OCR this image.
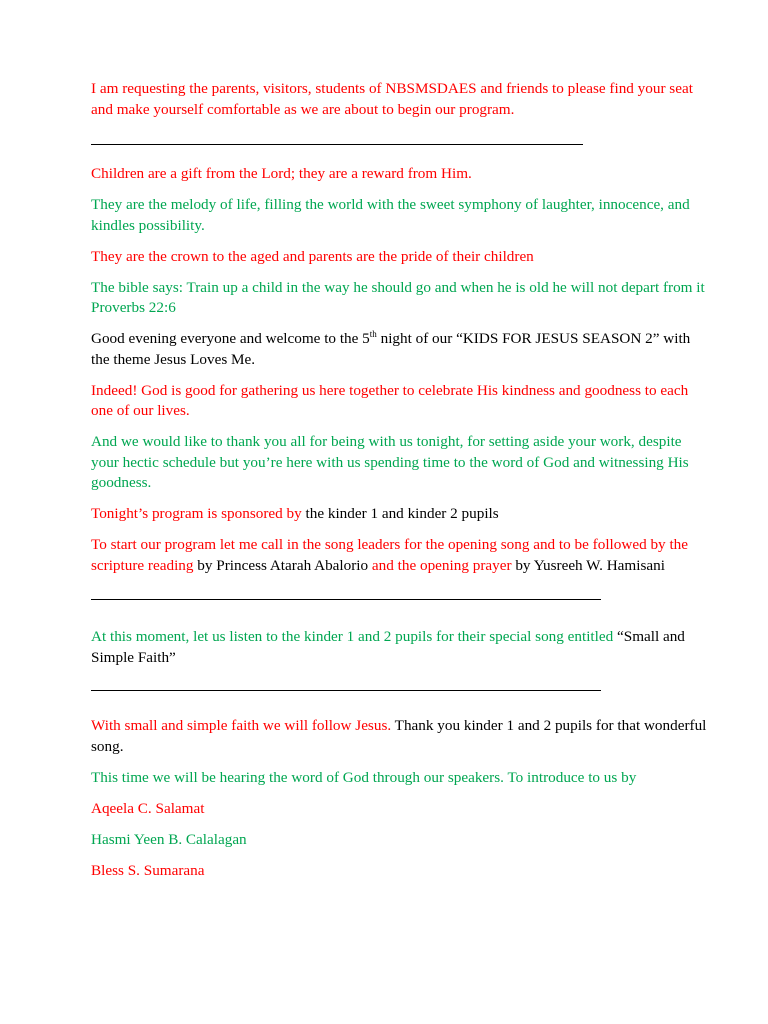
I am requesting the parents, visitors, students of NBSMSDAES and friends to please find your seat and make yourself comfortable as we are about to begin our program.

Children are a gift from the Lord; they are a reward from Him.

They are the melody of life, filling the world with the sweet symphony of laughter, innocence, and kindles possibility.

They are the crown to the aged and parents are the pride of their children

The bible says: Train up a child in the way he should go and when he is old he will not depart from it Proverbs 22:6

Good evening everyone and welcome to the 5th night of our “KIDS FOR JESUS SEASON 2” with the theme Jesus Loves Me.

Indeed! God is good for gathering us here together to celebrate His kindness and goodness to each one of our lives.

And we would like to thank you all for being with us tonight, for setting aside your work, despite your hectic schedule but you’re here with us spending time to the word of God and witnessing His goodness.

Tonight’s program is sponsored by the kinder 1 and kinder 2 pupils

To start our program let me call in the song leaders for the opening song and to be followed by the scripture reading by Princess Atarah Abalorio and the opening prayer by Yusreeh W. Hamisani

At this moment, let us listen to the kinder 1 and 2 pupils for their special song entitled “Small and Simple Faith”

With small and simple faith we will follow Jesus. Thank you kinder 1 and 2 pupils for that wonderful song.

This time we will be hearing the word of God through our speakers. To introduce to us by

Aqeela C. Salamat

Hasmi Yeen B. Calalagan

Bless S. Sumarana
